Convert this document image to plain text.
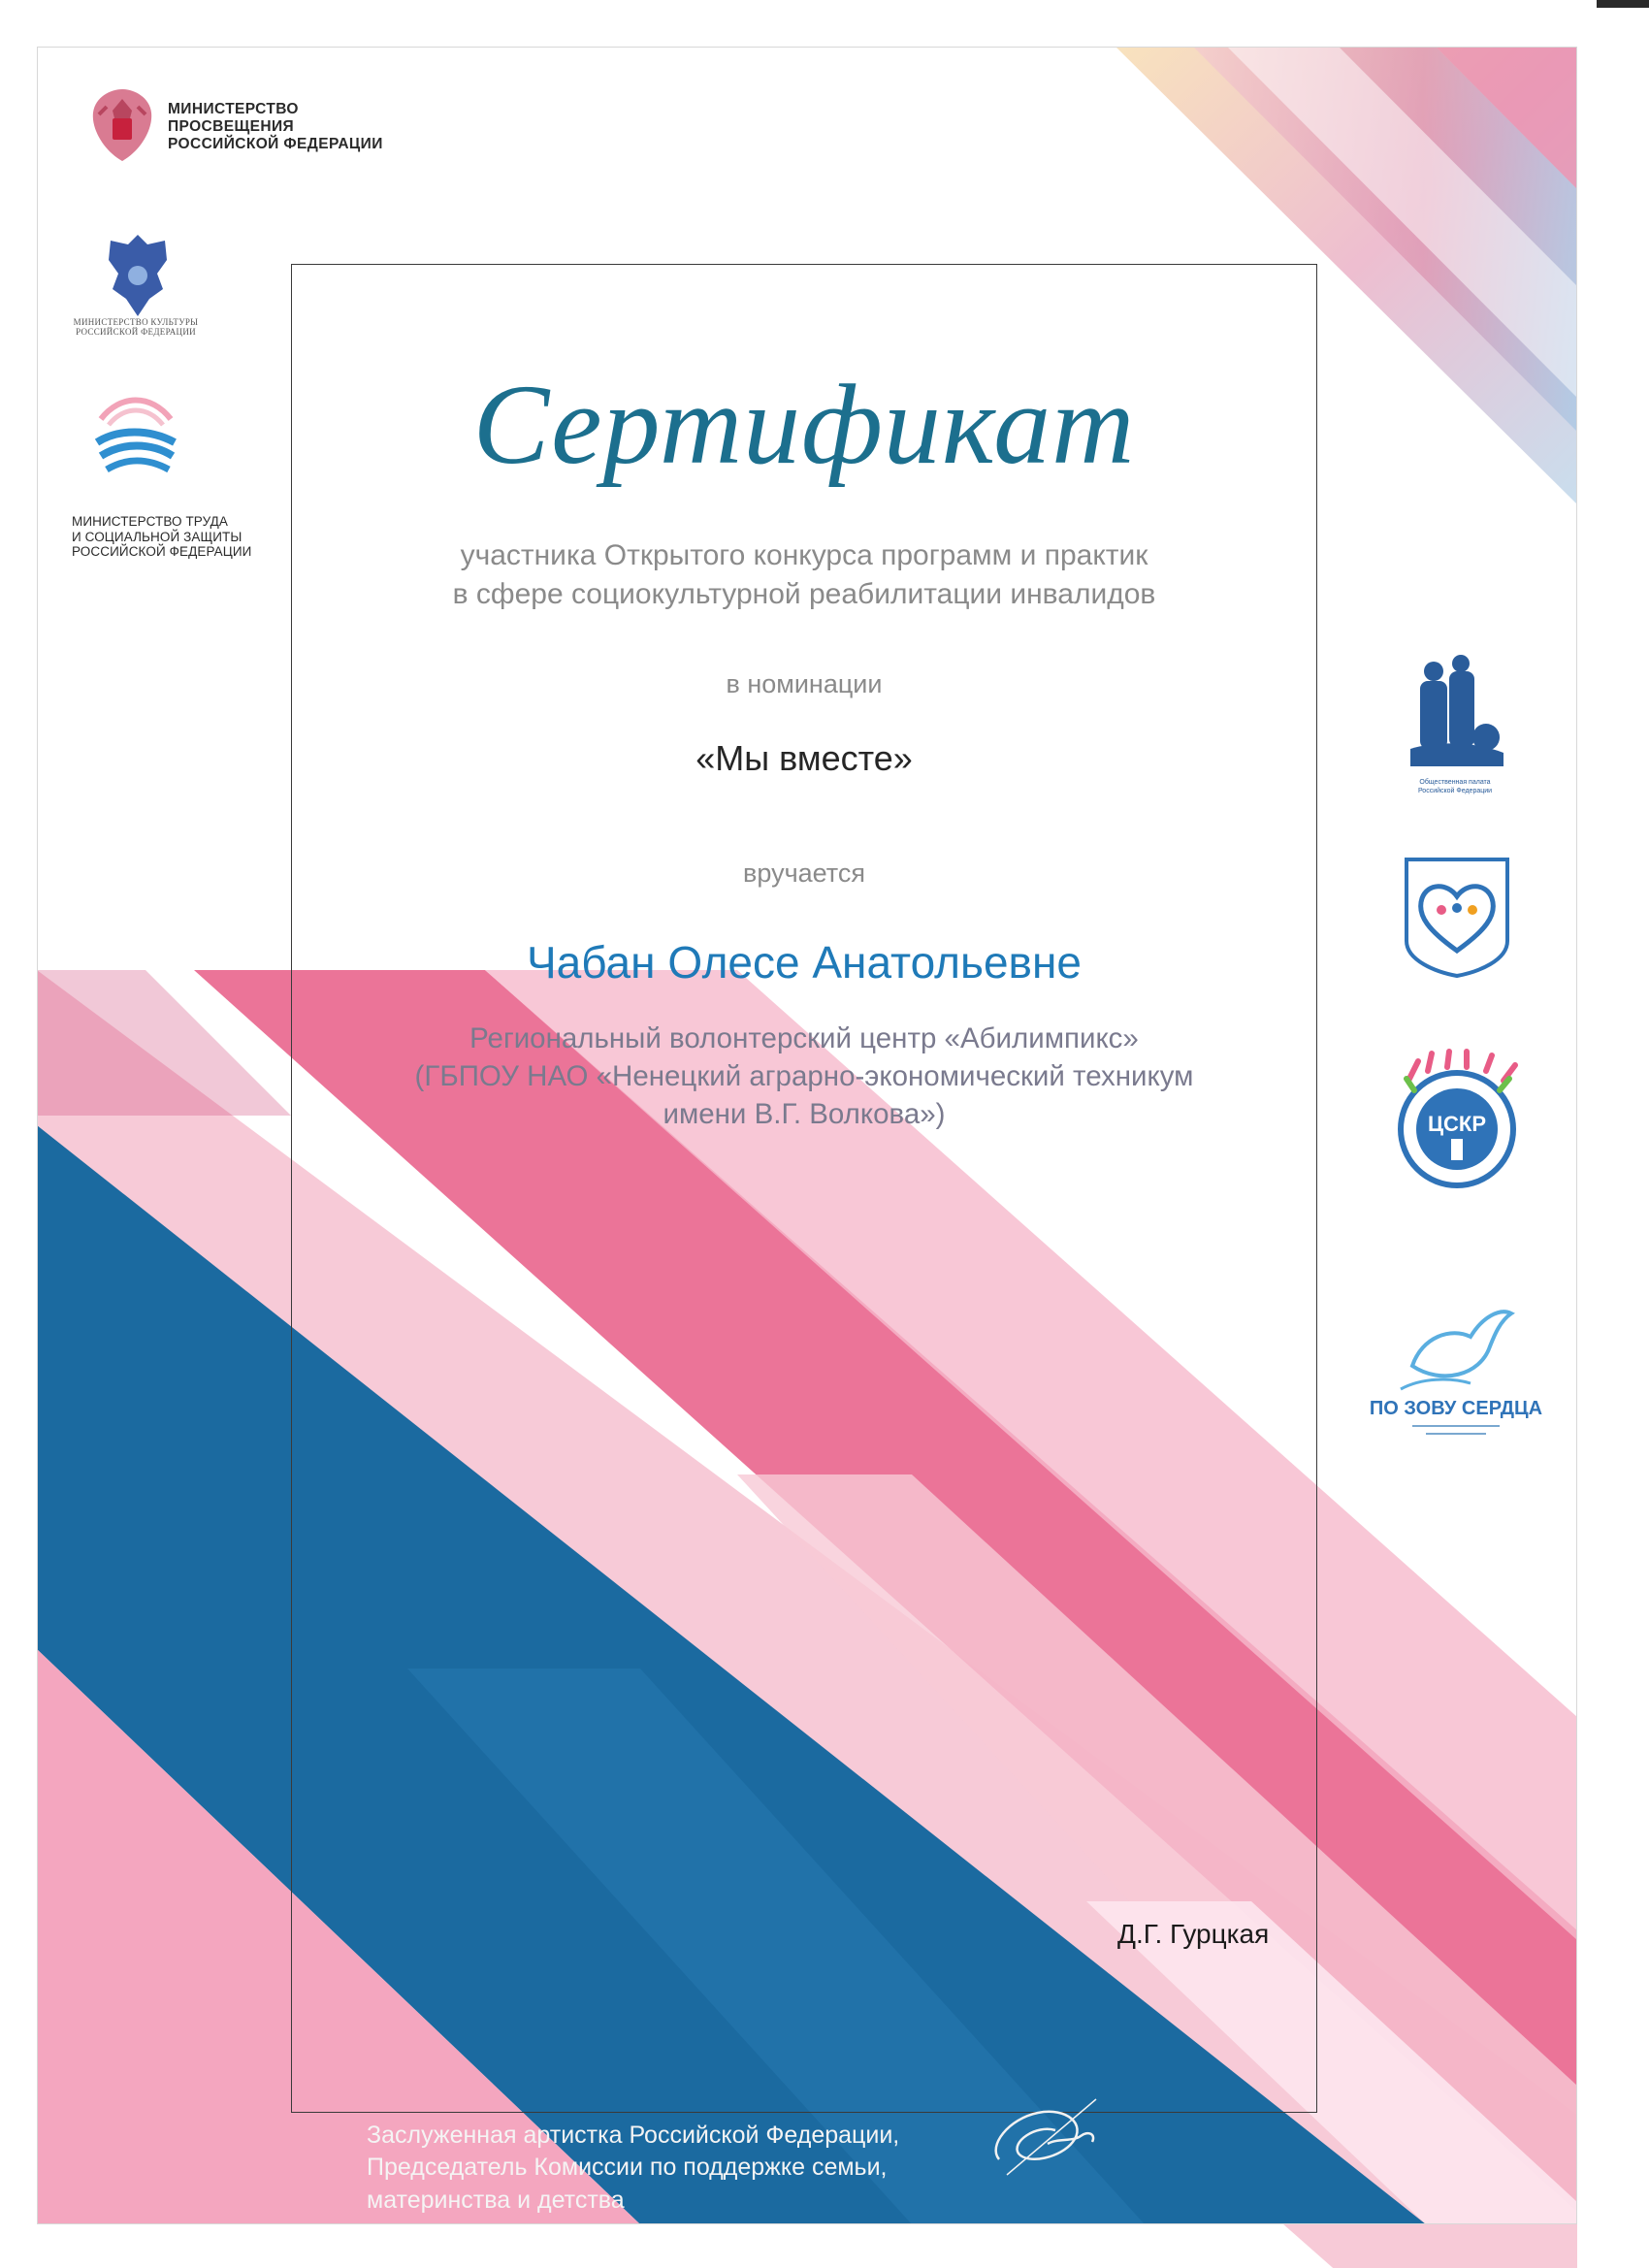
МИНИСТЕРСТВО
ПРОСВЕЩЕНИЯ
РОССИЙСКОЙ ФЕДЕРАЦИИ
МИНИСТЕРСТВО КУЛЬТУРЫ
РОССИЙСКОЙ ФЕДЕРАЦИИ
МИНИСТЕРСТВО ТРУДА
И СОЦИАЛЬНОЙ ЗАЩИТЫ
РОССИЙСКОЙ ФЕДЕРАЦИИ
Сертификат
участника Открытого конкурса программ и практик
в сфере социокультурной реабилитации инвалидов
в номинации
«Мы вместе»
вручается
Чабан Олесе Анатольевне
Региональный волонтерский центр «Абилимпикс»
(ГБПОУ НАО «Ненецкий аграрно-экономический техникум
имени В.Г. Волкова»)
Заслуженная артистка Российской Федерации,
Председатель Комиссии по поддержке семьи,
материнства и детства
Д.Г. Гурцкая
Общественная палата
Российской Федерации
ЦСКР
ПО ЗОВУ СЕРДЦА
